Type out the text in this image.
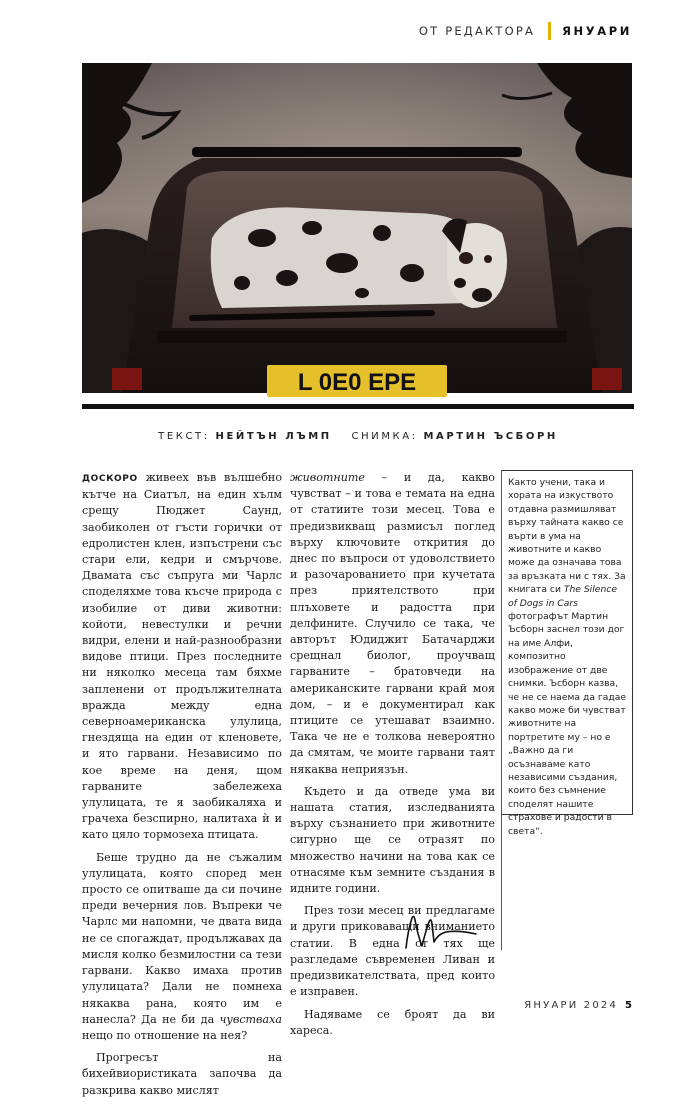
ОТ РЕДАКТОРА ЯНУАРИ
L 0E0 EPE
ТЕКСТ: НЕЙТЪН ЛЪМП СНИМКА: МАРТИН ЪСБОРН

ДОСКОРО живеех във вълшебно кътче на Сиатъл, на един хълм срещу Пюджет Саунд, заобиколен от гъсти горички от едролистен клен, изпъстрени със стари ели, кедри и смърчове. Двамата със съпруга ми Чарлс споделяхме това късче природа с изобилие от диви животни: койоти, невестулки и речни видри, елени и най-разнообразни видове птици. През последните ни няколко месеца там бяхме запленени от продължителната вражда между една северноамериканска улулица, гнездяща на един от кленовете, и ято гарвани. Независимо по кое време на деня, щом гарваните забележеха улулицата, те я заобикаляха и грачеха безспирно, налитаха ѝ и като цяло тормозеха птицата.

Беше трудно да не съжалим улулицата, която според мен просто се опитваше да си почине преди вечерния лов. Въпреки че Чарлс ми напомни, че двата вида не се спогаждат, продължавах да мисля колко безмилостни са тези гарвани. Какво имаха против улулицата? Дали не помнеха някаква рана, която им е нанесла? Да не би да чувстваха нещо по отношение на нея?

Прогресът на бихейвиористиката започва да разкрива какво мислят

животните – и да, какво чувстват – и това е темата на една от статиите този месец. Това е предизвикващ размисъл поглед върху ключовите открития до днес по въпроси от удоволствието и разочарованието при кучетата през приятелството при плъховете и радостта при делфините. Случило се така, че авторът Юдиджит Батачарджи срещнал биолог, проучващ гарваните – братовчеди на американските гарвани край моя дом, – и е документирал как птиците се утешават взаимно. Така че не е толкова невероятно да смятам, че моите гарвани таят някаква неприязън.

Където и да отведе ума ви нашата статия, изследванията върху съзнанието при животните сигурно ще се отразят по множество начини на това как се отнасяме към земните създания в идните години.

През този месец ви предлагаме и други приковаващи вниманието статии. В една от тях ще разгледаме съвременен Ливан и предизвикателствата, пред които е изправен.

Надяваме се броят да ви хареса.

Както учени, така и хората на изкуството отдавна размишляват върху тайната какво се върти в ума на животните и какво може да означава това за връзката ни с тях. За книгата си The Silence of Dogs in Cars фотографът Мартин Ъсборн заснел този дог на име Алфи, композитно изображение от две снимки. Ъсборн казва, че не се наема да гадае какво може би чувстват животните на портретите му – но е „Важно да ги осъзнаваме като независими създания, които без съмнение споделят нашите страхове и радости в света“.
ЯНУАРИ 2024 5
